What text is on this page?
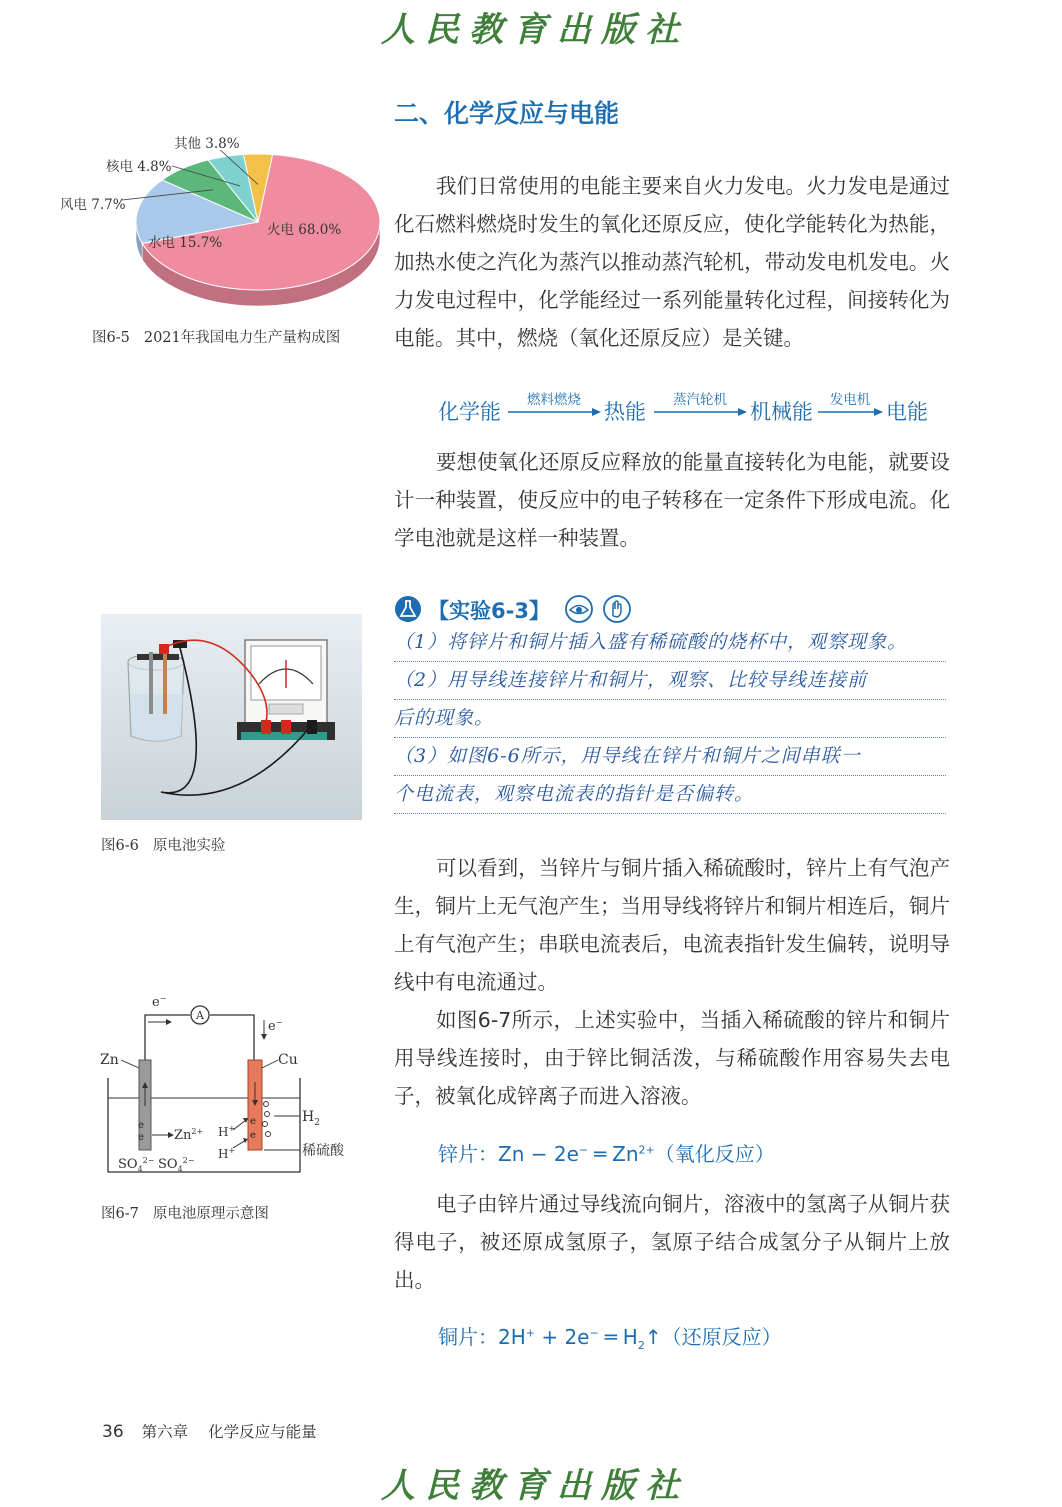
人民教育出版社
二、化学反应与电能
其他 3.8%
核电 4.8%
风电 7.7%
水电 15.7%
火电 68.0%
图6-5 2021年我国电力生产量构成图

我们日常使用的电能主要来自火力发电。火力发电是通过化石燃料燃烧时发生的氧化还原反应，使化学能转化为热能，加热水使之汽化为蒸汽以推动蒸汽轮机，带动发电机发电。火力发电过程中，化学能经过一系列能量转化过程，间接转化为电能。其中，燃烧（氧化还原反应）是关键。

化学能	燃料燃烧	热能	蒸汽轮机	机械能	发电机 电能

要想使氧化还原反应释放的能量直接转化为电能，就要设计一种装置，使反应中的电子转移在一定条件下形成电流。化学电池就是这样一种装置。

图6-6 原电池实验
【实验6-3】
（1）将锌片和铜片插入盛有稀硫酸的烧杯中，观察现象。
（2）用导线连接锌片和铜片，观察、比较导线连接前
后的现象。
（3）如图6-6所示，用导线在锌片和铜片之间串联一
个电流表，观察电流表的指针是否偏转。

可以看到，当锌片与铜片插入稀硫酸时，锌片上有气泡产生，铜片上无气泡产生；当用导线将锌片和铜片相连后，铜片上有气泡产生；串联电流表后，电流表指针发生偏转，说明导线中有电流通过。

如图6-7所示，上述实验中，当插入稀硫酸的锌片和铜片用导线连接时，由于锌比铜活泼，与稀硫酸作用容易失去电子，被氧化成锌离子而进入溶液。

A
e−
e−
Zn	Cu
$H_2$
稀硫酸
$Zn^{2+}$ H+
H+
e
e
e
e
$SO_4^{2-}$ $SO_4^{2-}$
图6-7 原电池原理示意图
锌片：Zn − 2e− ═ $Zn^{2+}$（氧化反应）

电子由锌片通过导线流向铜片，溶液中的氢离子从铜片获得电子，被还原成氢原子，氢原子结合成氢分子从铜片上放出。

铜片：2H+ + 2e− ═ $H_2↑$（还原反应）
36 第六章 化学反应与能量
人民教育出版社
